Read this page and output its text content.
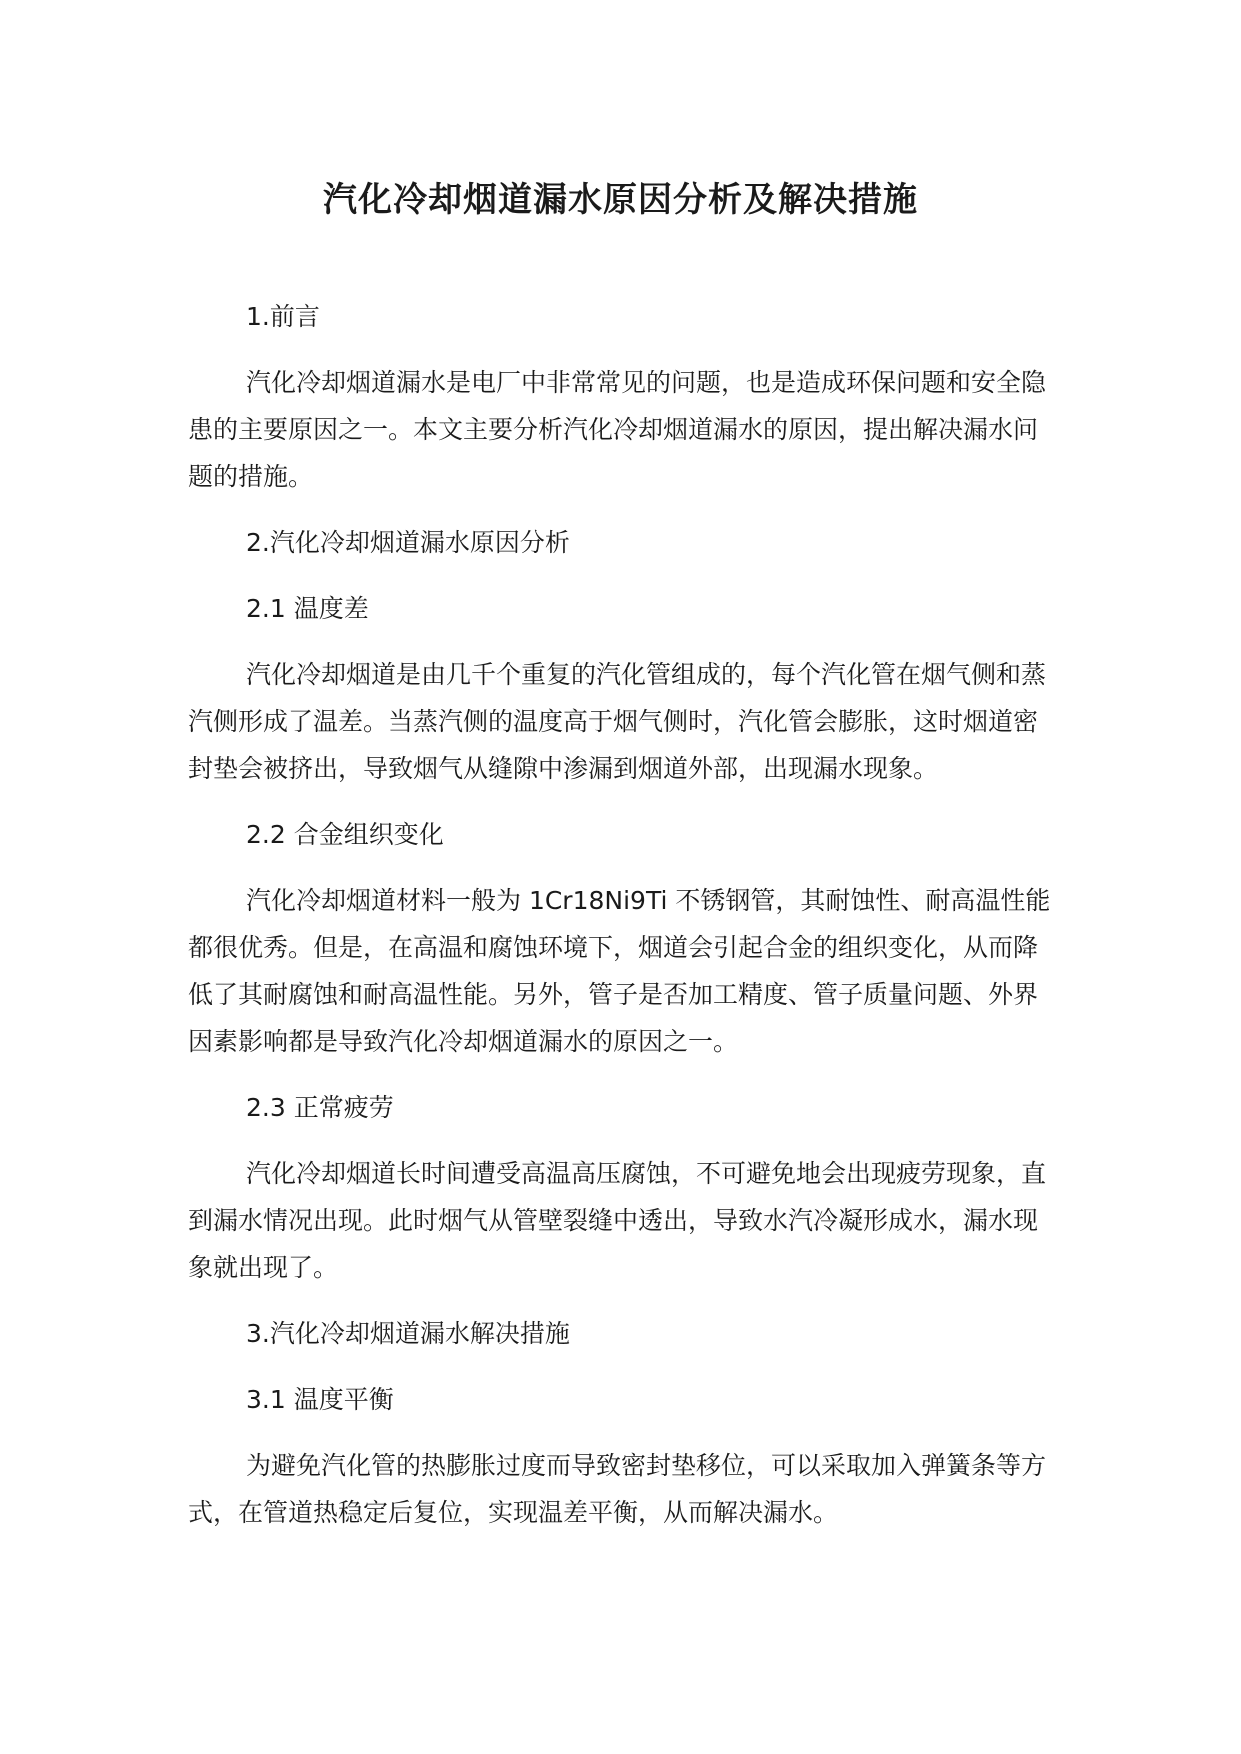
汽化冷却烟道漏水原因分析及解决措施

1.前言

汽化冷却烟道漏水是电厂中非常常见的问题，也是造成环保问题和安全隐患的主要原因之一。本文主要分析汽化冷却烟道漏水的原因，提出解决漏水问题的措施。

2.汽化冷却烟道漏水原因分析

2.1 温度差

汽化冷却烟道是由几千个重复的汽化管组成的，每个汽化管在烟气侧和蒸汽侧形成了温差。当蒸汽侧的温度高于烟气侧时，汽化管会膨胀，这时烟道密封垫会被挤出，导致烟气从缝隙中渗漏到烟道外部，出现漏水现象。

2.2 合金组织变化

汽化冷却烟道材料一般为 1Cr18Ni9Ti 不锈钢管，其耐蚀性、耐高温性能都很优秀。但是，在高温和腐蚀环境下，烟道会引起合金的组织变化，从而降低了其耐腐蚀和耐高温性能。另外，管子是否加工精度、管子质量问题、外界因素影响都是导致汽化冷却烟道漏水的原因之一。

2.3 正常疲劳

汽化冷却烟道长时间遭受高温高压腐蚀，不可避免地会出现疲劳现象，直到漏水情况出现。此时烟气从管壁裂缝中透出，导致水汽冷凝形成水，漏水现象就出现了。

3.汽化冷却烟道漏水解决措施

3.1 温度平衡

为避免汽化管的热膨胀过度而导致密封垫移位，可以采取加入弹簧条等方式，在管道热稳定后复位，实现温差平衡，从而解决漏水。
